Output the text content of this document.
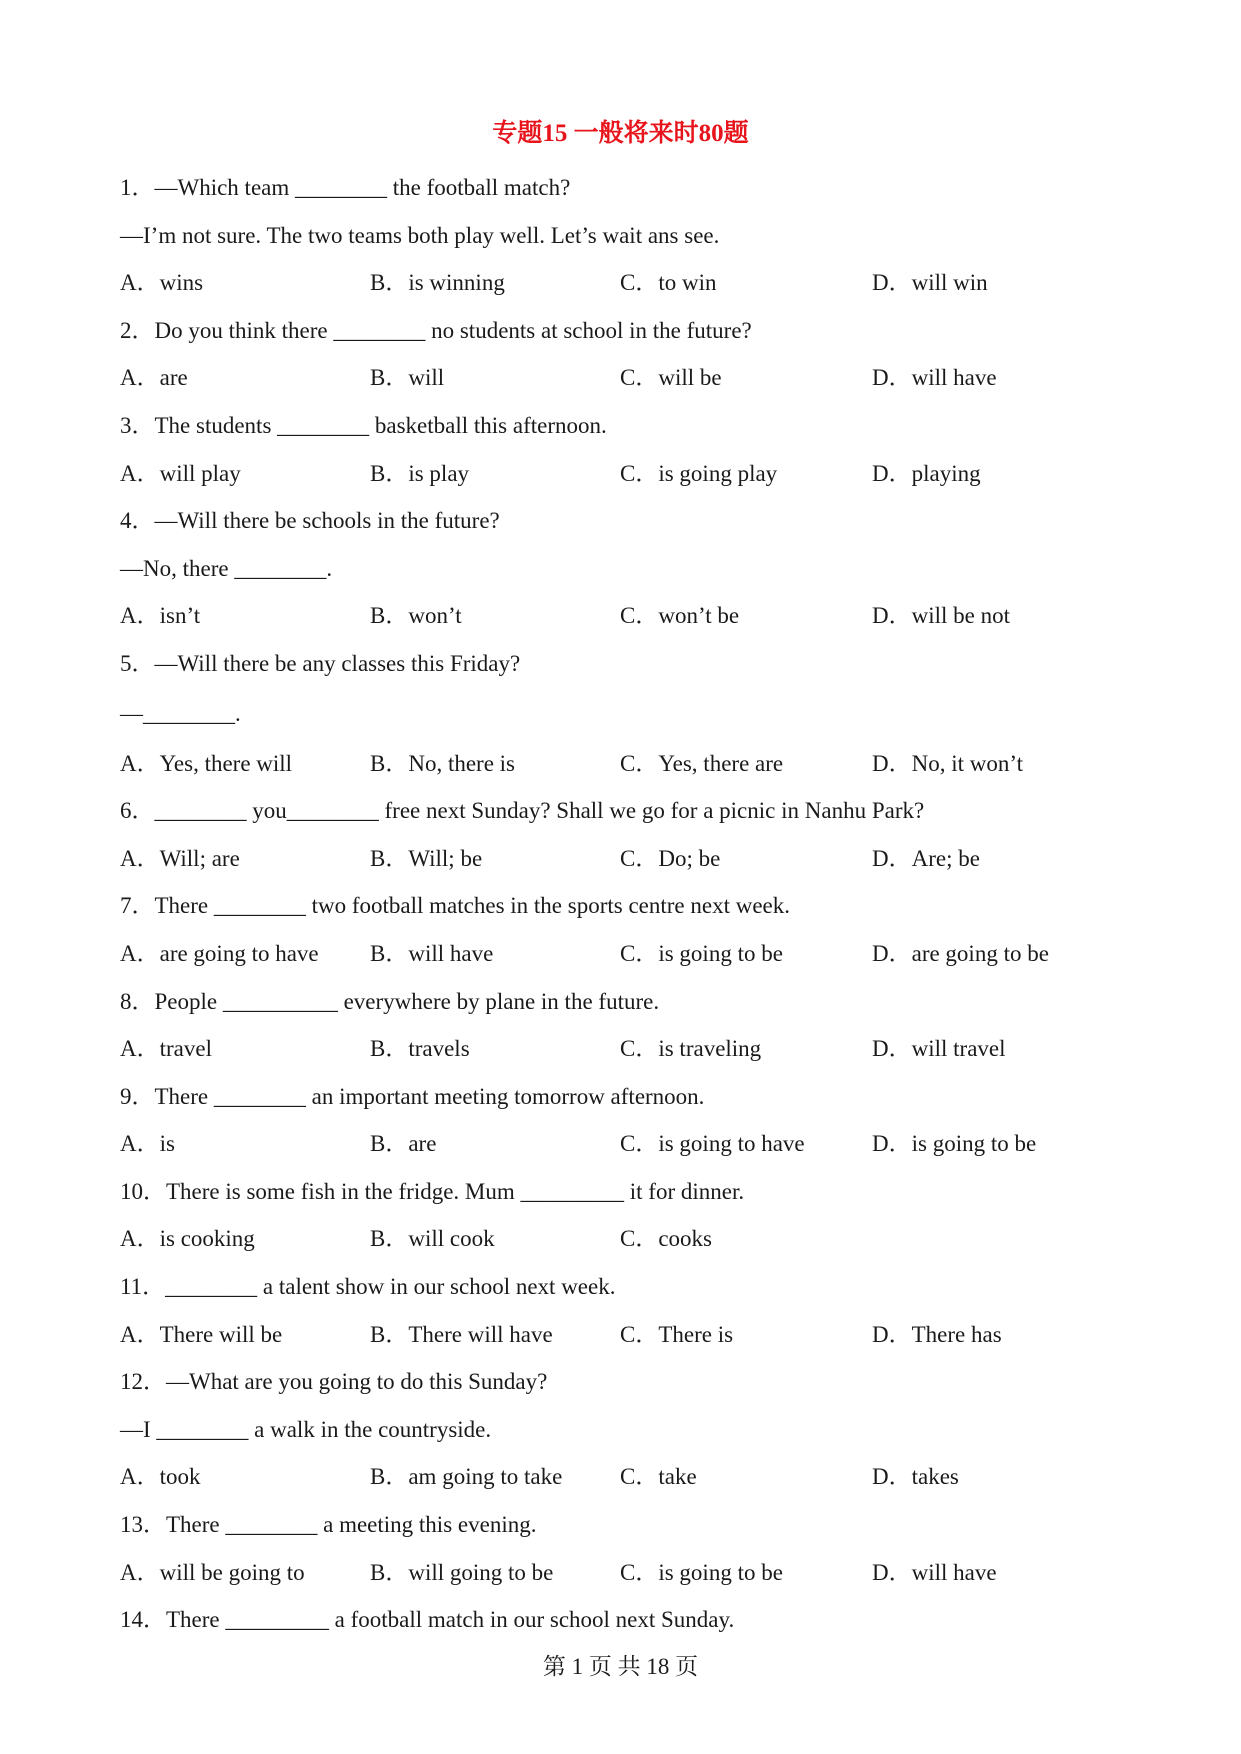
专题15 一般将来时80题
1．—Which team ________ the football match?
—I’m not sure. The two teams both play well. Let’s wait ans see.
A．wins	B．is winning	C．to win	D．will win
2．Do you think there ________ no students at school in the future?
A．are	B．will	C．will be	D．will have
3．The students ________ basketball this afternoon.
A．will play	B．is play	C．is going play	D．playing
4．—Will there be schools in the future?
—No, there ________.
A．isn’t	B．won’t	C．won’t be	D．will be not
5．—Will there be any classes this Friday?
—________.
A．Yes, there will	B．No, there is	C．Yes, there are	D．No, it won’t
6．________ you________ free next Sunday? Shall we go for a picnic in Nanhu Park?
A．Will; are	B．Will; be	C．Do; be	D．Are; be
7．There ________ two football matches in the sports centre next week.
A．are going to have B．will have	C．is going to be	D．are going to be
8．People __________ everywhere by plane in the future.
A．travel	B．travels	C．is traveling	D．will travel
9．There ________ an important meeting tomorrow afternoon.
A．is	B．are	C．is going to have	D．is going to be
10．There is some fish in the fridge. Mum _________ it for dinner.
A．is cooking	B．will cook	C．cooks
11．________ a talent show in our school next week.
A．There will be	B．There will have	C．There is	D．There has
12．—What are you going to do this Sunday?
—I ________ a walk in the countryside.
A．took	B．am going to take	C．take	D．takes
13．There ________ a meeting this evening.
A．will be going to	B．will going to be	C．is going to be	D．will have
14．There _________ a football match in our school next Sunday.
第 1 页 共 18 页
